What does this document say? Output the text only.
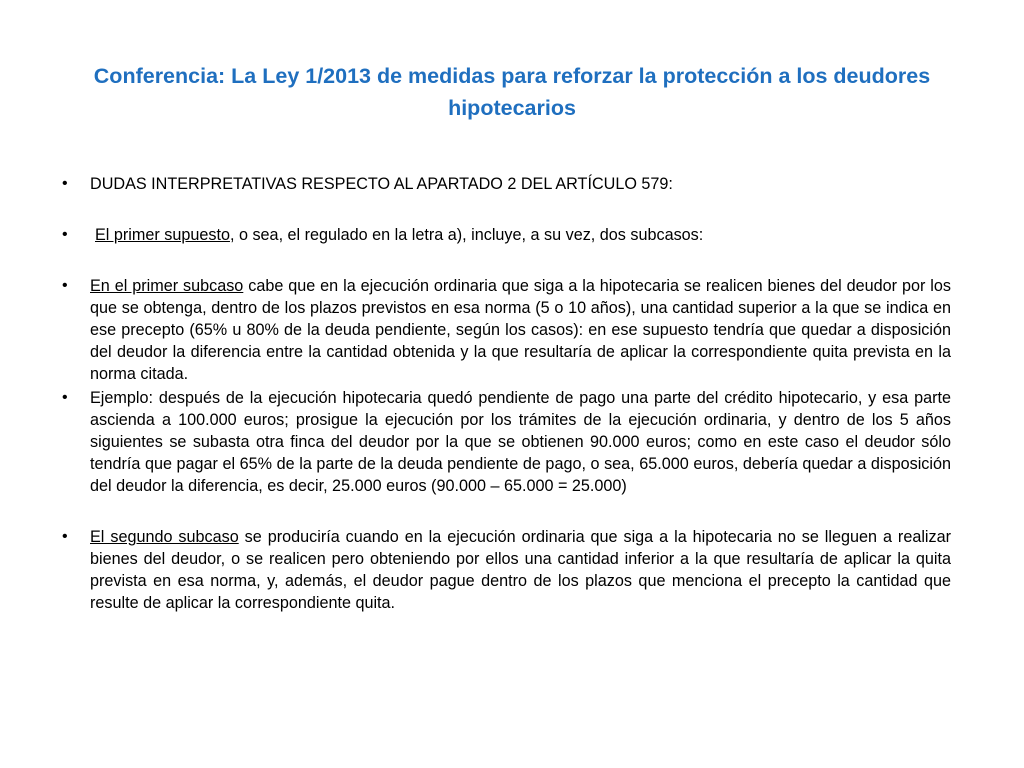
Conferencia: La Ley 1/2013 de medidas para reforzar la protección a los deudores hipotecarios
• DUDAS INTERPRETATIVAS RESPECTO AL APARTADO 2 DEL ARTÍCULO 579:
• El primer supuesto, o sea, el regulado en la letra a), incluye, a su vez, dos subcasos:
• En el primer subcaso cabe que en la ejecución ordinaria que siga a la hipotecaria se realicen bienes del deudor por los que se obtenga, dentro de los plazos previstos en esa norma (5 o 10 años), una cantidad superior a la que se indica en ese precepto (65% u 80% de la deuda pendiente, según los casos): en ese supuesto tendría que quedar a disposición del deudor la diferencia entre la cantidad obtenida y la que resultaría de aplicar la correspondiente quita prevista en la norma citada.
• Ejemplo: después de la ejecución hipotecaria quedó pendiente de pago una parte del crédito hipotecario, y esa parte ascienda a 100.000 euros; prosigue la ejecución por los trámites de la ejecución ordinaria, y dentro de los 5 años siguientes se subasta otra finca del deudor por la que se obtienen 90.000 euros; como en este caso el deudor sólo tendría que pagar el 65% de la parte de la deuda pendiente de pago, o sea, 65.000 euros, debería quedar a disposición del deudor la diferencia, es decir, 25.000 euros (90.000 – 65.000 = 25.000)
• El segundo subcaso se produciría cuando en la ejecución ordinaria que siga a la hipotecaria no se lleguen a realizar bienes del deudor, o se realicen pero obteniendo por ellos una cantidad inferior a la que resultaría de aplicar la quita prevista en esa norma, y, además, el deudor pague dentro de los plazos que menciona el precepto la cantidad que resulte de aplicar la correspondiente quita.
